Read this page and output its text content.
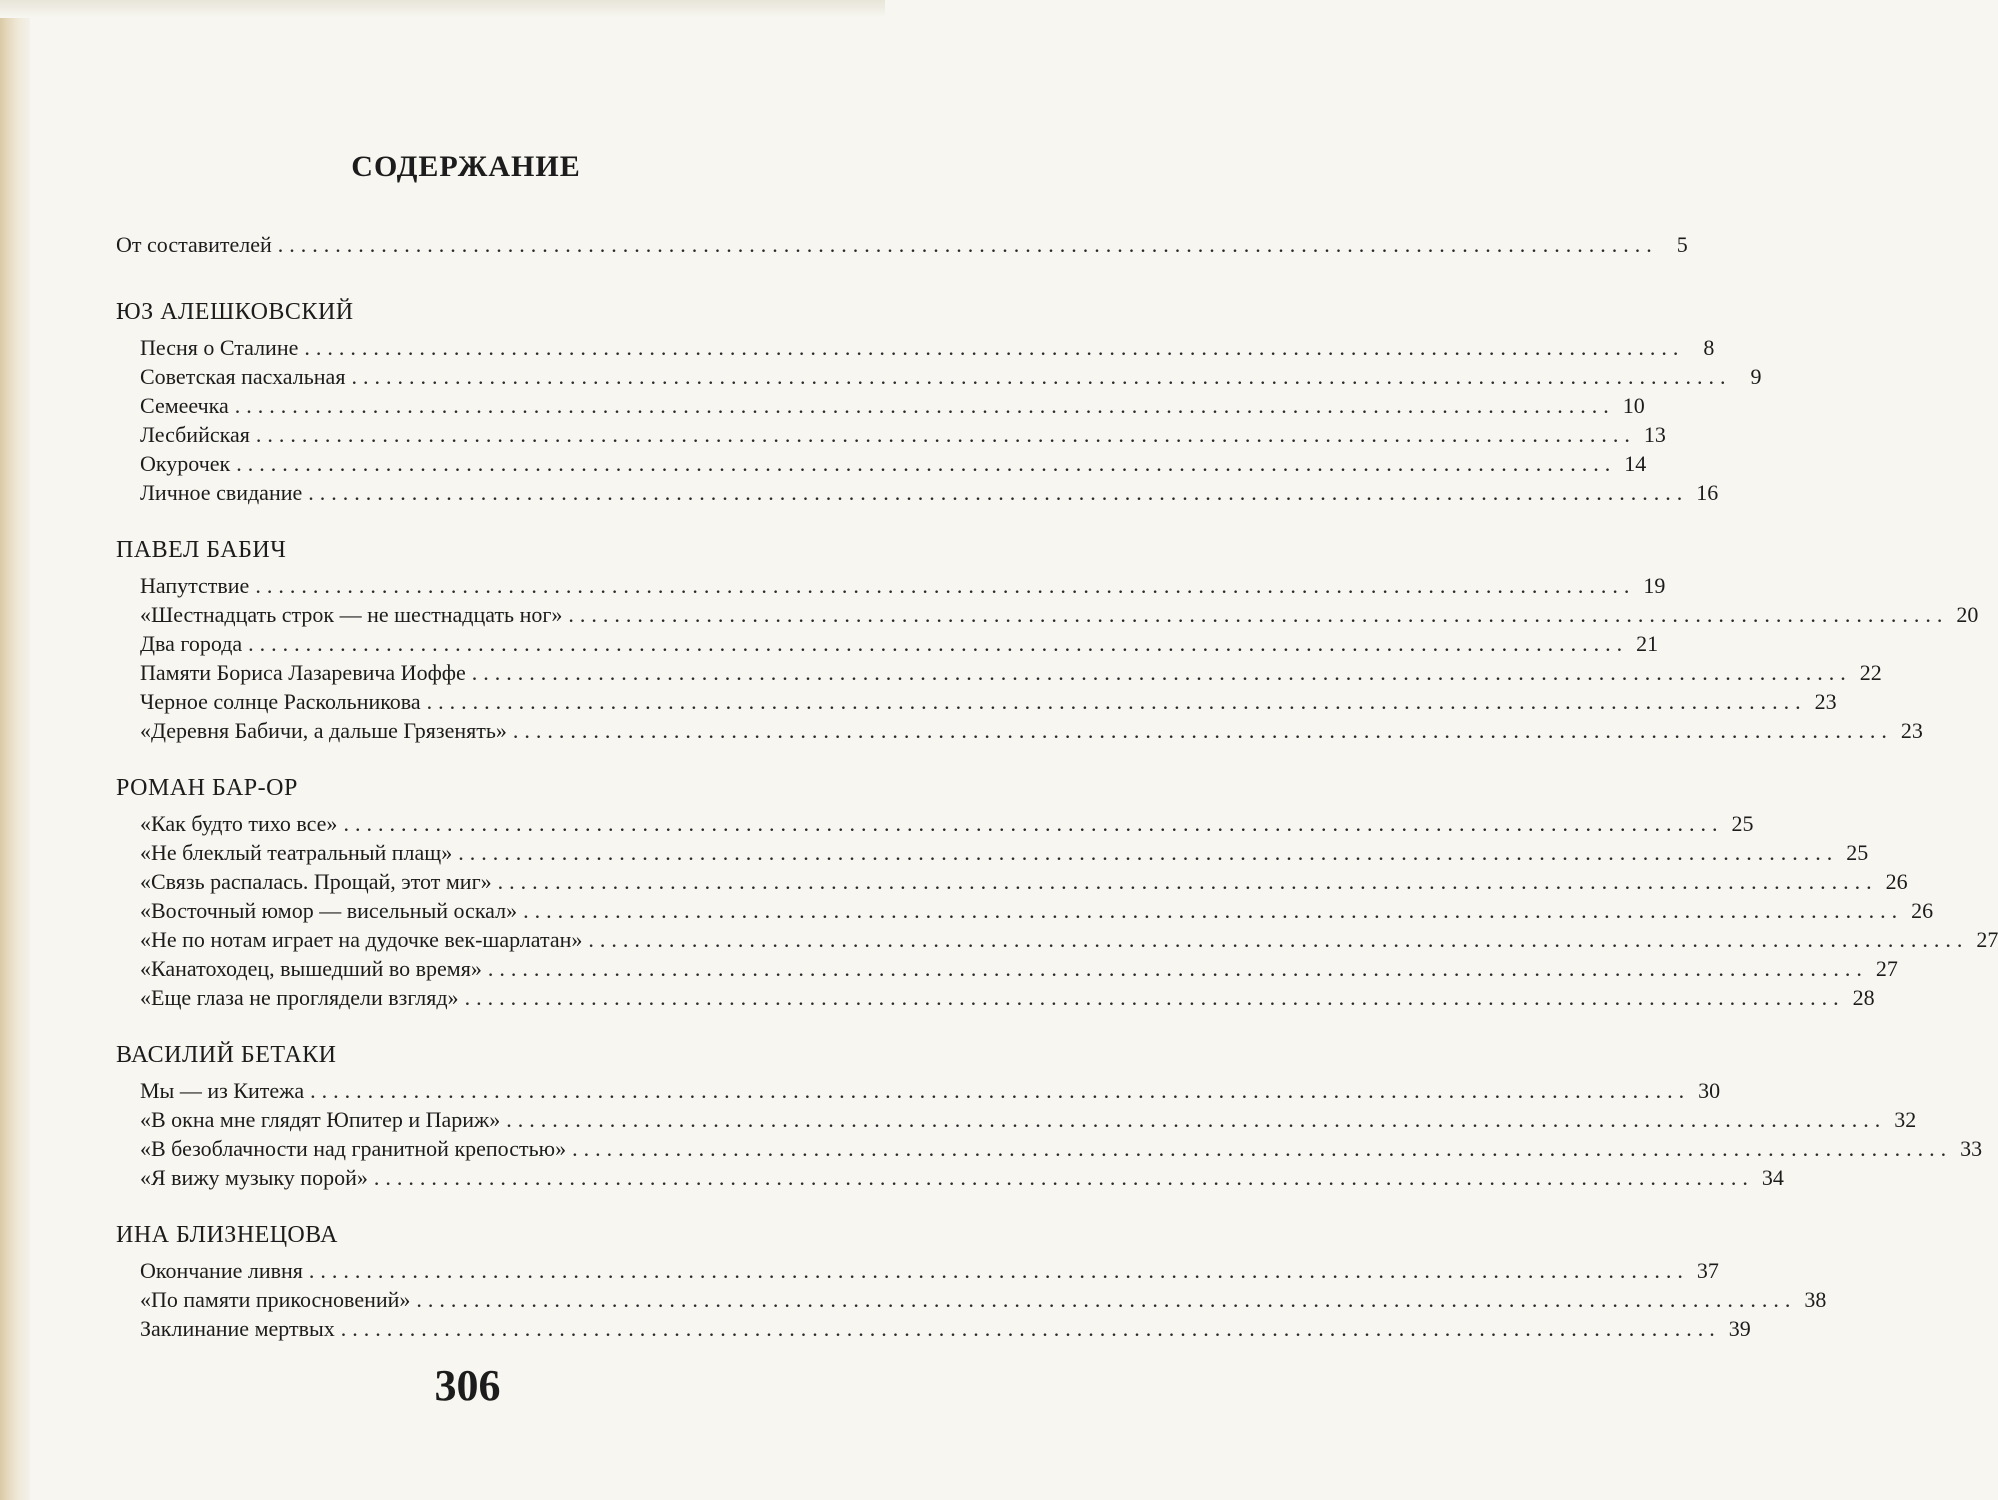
СОДЕРЖАНИЕ
От составителей ........................................................................................................................ 5
ЮЗ АЛЕШКОВСКИЙ
Песня о Сталине ........................................................................................................................ 8
Советская пасхальная ........................................................................................................................ 9
Семеечка ........................................................................................................................ 10
Лесбийская ........................................................................................................................ 13
Окурочек ........................................................................................................................ 14
Личное свидание ........................................................................................................................ 16
ПАВЕЛ БАБИЧ
Напутствие ........................................................................................................................ 19
«Шестнадцать строк — не шестнадцать ног» ........................................................................................................................ 20
Два города ........................................................................................................................ 21
Памяти Бориса Лазаревича Иоффе ........................................................................................................................ 22
Черное солнце Раскольникова ........................................................................................................................ 23
«Деревня Бабичи, а дальше Грязенять» ........................................................................................................................ 23
РОМАН БАР-ОР
«Как будто тихо все» ........................................................................................................................ 25
«Не блеклый театральный плащ» ........................................................................................................................ 25
«Связь распалась. Прощай, этот миг» ........................................................................................................................ 26
«Восточный юмор — висельный оскал» ........................................................................................................................ 26
«Не по нотам играет на дудочке век-шарлатан» ........................................................................................................................ 27
«Канатоходец, вышедший во время» ........................................................................................................................ 27
«Еще глаза не проглядели взгляд» ........................................................................................................................ 28
ВАСИЛИЙ БЕТАКИ
Мы — из Китежа ........................................................................................................................ 30
«В окна мне глядят Юпитер и Париж» ........................................................................................................................ 32
«В безоблачности над гранитной крепостью» ........................................................................................................................ 33
«Я вижу музыку порой» ........................................................................................................................ 34
ИНА БЛИЗНЕЦОВА
Окончание ливня ........................................................................................................................ 37
«По памяти прикосновений» ........................................................................................................................ 38
Заклинание мертвых ........................................................................................................................ 39
306
